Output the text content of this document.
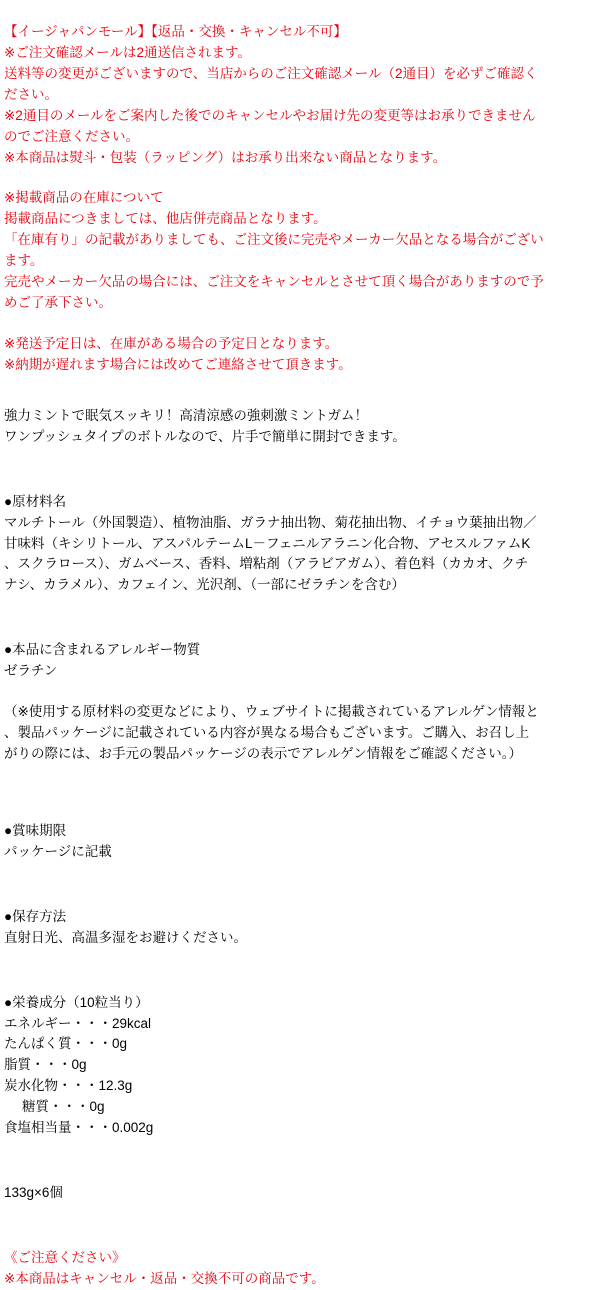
【イージャパンモール】【返品・交換・キャンセル不可】

※ご注文確認メールは2通送信されます。

送料等の変更がございますので、当店からのご注文確認メール（2通目）を必ずご確認く

ださい。

※2通目のメールをご案内した後でのキャンセルやお届け先の変更等はお承りできません

のでご注意ください。

※本商品は熨斗・包装（ラッピング）はお承り出来ない商品となります。

※掲載商品の在庫について

掲載商品につきましては、他店併売商品となります。

「在庫有り」の記載がありましても、ご注文後に完売やメーカー欠品となる場合がござい

ます。

完売やメーカー欠品の場合には、ご注文をキャンセルとさせて頂く場合がありますので予

めご了承下さい。

※発送予定日は、在庫がある場合の予定日となります。

※納期が遅れます場合には改めてご連絡させて頂きます。

強力ミントで眠気スッキリ！高清涼感の強刺激ミントガム！

ワンプッシュタイプのボトルなので、片手で簡単に開封できます。

●原材料名

マルチトール（外国製造）、植物油脂、ガラナ抽出物、菊花抽出物、イチョウ葉抽出物／

甘味料（キシリトール、アスパルテームL－フェニルアラニン化合物、アセスルファムK

、スクラロース）、ガムベース、香料、増粘剤（アラビアガム）、着色料（カカオ、クチ

ナシ、カラメル）、カフェイン、光沢剤、（一部にゼラチンを含む）

●本品に含まれるアレルギー物質

ゼラチン

（※使用する原材料の変更などにより、ウェブサイトに掲載されているアレルゲン情報と

、製品パッケージに記載されている内容が異なる場合もございます。ご購入、お召し上

がりの際には、お手元の製品パッケージの表示でアレルゲン情報をご確認ください。）

●賞味期限

パッケージに記載

●保存方法

直射日光、高温多湿をお避けください。

●栄養成分（10粒当り）

エネルギー・・・29kcal

たんぱく質・・・0g

脂質・・・0g

炭水化物・・・12.3g

糖質・・・0g

食塩相当量・・・0.002g

133g×6個

《ご注意ください》

※本商品はキャンセル・返品・交換不可の商品です。
